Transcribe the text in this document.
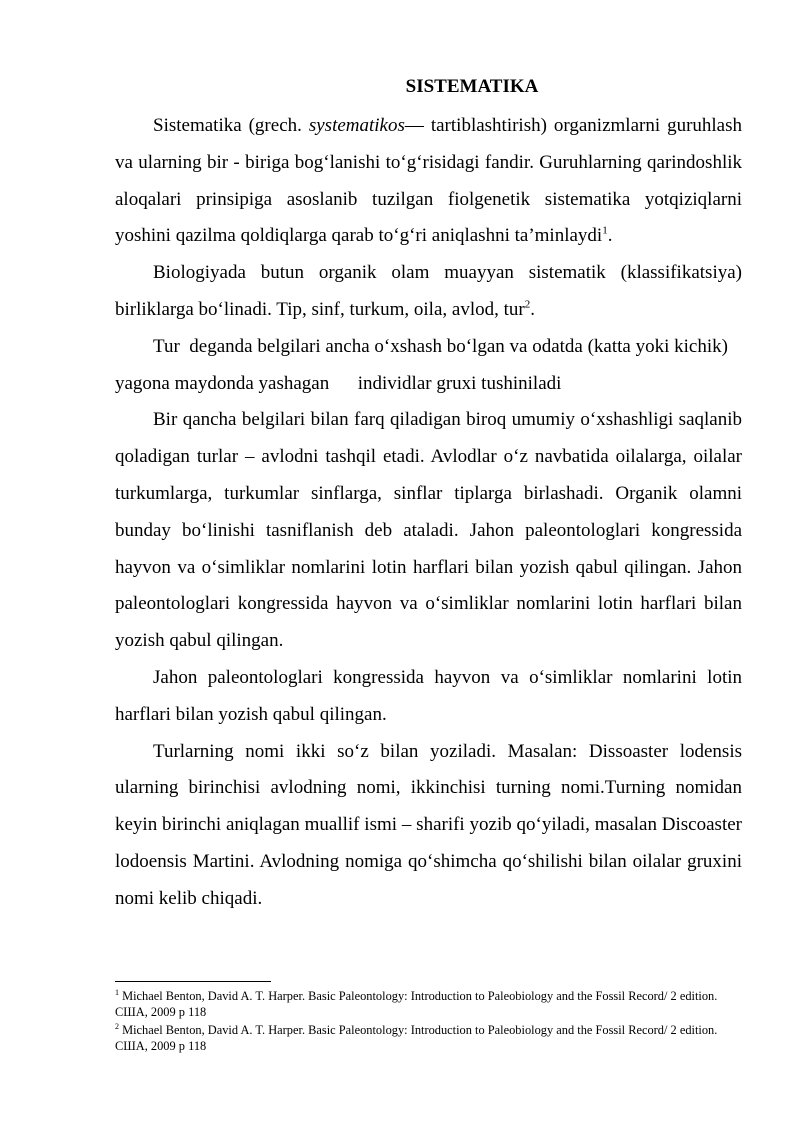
SISTEMATIKA

Sistematika (grech. systematikos— tartiblashtirish) organizmlarni guruhlash va ularning bir - biriga bog‘lanishi to‘g‘risidagi fandir. Guruhlarning qarindoshlik aloqalari prinsipiga asoslanib tuzilgan fiolgenetik sistematika yotqiziqlarni yoshini qazilma qoldiqlarga qarab to‘g‘ri aniqlashni ta’minlaydi$^1$.

Biologiyada butun organik olam muayyan sistematik (klassifikatsiya) birliklarga bo‘linadi. Tip, sinf, turkum, oila, avlod, tur$^2$.

Tur  deganda belgilari ancha o‘xshash bo‘lgan va odatda (katta yoki kichik) yagona maydonda yashagan      individlar gruxi tushiniladi

Bir qancha belgilari bilan farq qiladigan biroq umumiy o‘xshashligi saqlanib qoladigan turlar – avlodni tashqil etadi. Avlodlar o‘z navbatida oilalarga, oilalar turkumlarga, turkumlar sinflarga, sinflar tiplarga birlashadi. Organik olamni bunday bo‘linishi tasniflanish deb ataladi. Jahon paleontologlari kongressida hayvon va o‘simliklar nomlarini lotin harflari bilan yozish qabul qilingan. Jahon paleontologlari kongressida hayvon va o‘simliklar nomlarini lotin harflari bilan yozish qabul qilingan.

Jahon paleontologlari kongressida hayvon va o‘simliklar nomlarini lotin harflari bilan yozish qabul qilingan.

Turlarning nomi ikki so‘z bilan yoziladi. Masalan: Dissoaster lodensis ularning birinchisi avlodning nomi, ikkinchisi turning nomi.Turning nomidan keyin birinchi aniqlagan muallif ismi – sharifi yozib qo‘yiladi, masalan Discoaster lodoensis Martini. Avlodning nomiga qo‘shimcha qo‘shilishi bilan oilalar gruxini nomi kelib chiqadi.

$^1$ Michael Benton, David A. T. Harper. Basic Paleontology: Introduction to Paleobiology and the Fossil Record/ 2 edition. США, 2009 p 118

$^2$ Michael Benton, David A. T. Harper. Basic Paleontology: Introduction to Paleobiology and the Fossil Record/ 2 edition. США, 2009 p 118
